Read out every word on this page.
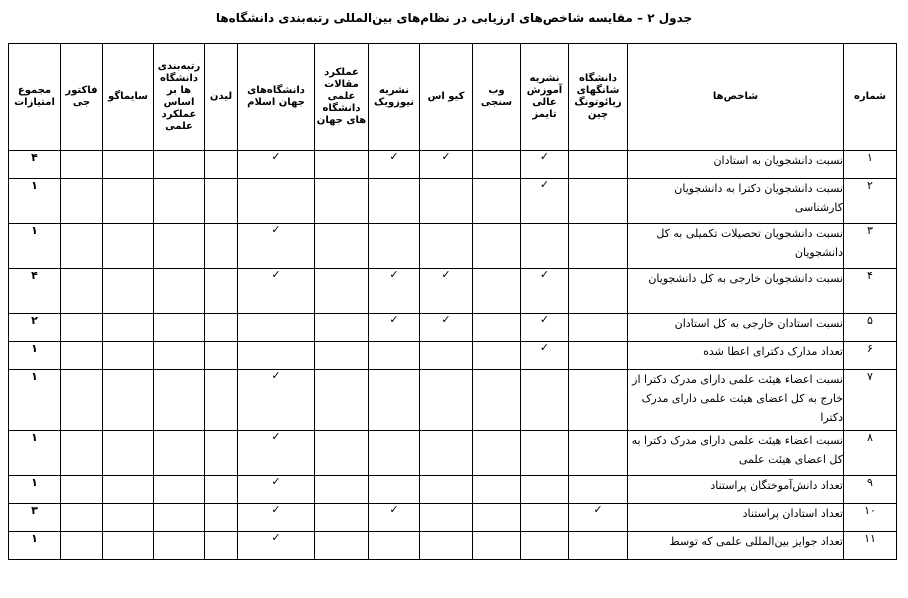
جدول ۲ – مقایسه شاخص‌های ارزیابی در نظام‌های بین‌المللی رتبه‌بندی دانشگاه‌ها
شماره	شاخص‌ها	دانشگاه شانگهای زیائوتونگ چین	نشریه آموزش عالی تایمز	وب سنجی	کیو اس	نشریه نیوزویک	عملکرد مقالات علمی دانشگاه های جهان	دانشگاه‌های جهان اسلام	لیدن	رتبه‌بندی دانشگاه ها بر اساس عملکرد علمی	سایماگو	فاکتور جی	مجموع امتیازات
۱	نسبت دانشجویان به استادان		✓		✓	✓		✓					۴
۲	نسبت دانشجویان دکترا به دانشجویان کارشناسی		✓										۱
۳	نسبت دانشجویان تحصیلات تکمیلی به کل دانشجویان							✓					۱
۴	نسبت دانشجویان خارجی به کل دانشجویان		✓		✓	✓		✓					۴
۵	نسبت استادان خارجی به کل استادان		✓		✓	✓							۲
۶	تعداد مدارک دکترای اعطا شده		✓										۱
۷	نسبت اعضاء هیئت علمی دارای مدرک دکترا از خارج به کل اعضای هیئت علمی دارای مدرک دکترا							✓					۱
۸	نسبت اعضاء هیئت علمی دارای مدرک دکترا به کل اعضای هیئت علمی							✓					۱
۹	تعداد دانش‌آموختگان پراستناد							✓					۱
۱۰	تعداد استادان پراستناد	✓				✓		✓					۳
۱۱	تعداد جوایز بین‌المللی علمی که توسط							✓					۱
